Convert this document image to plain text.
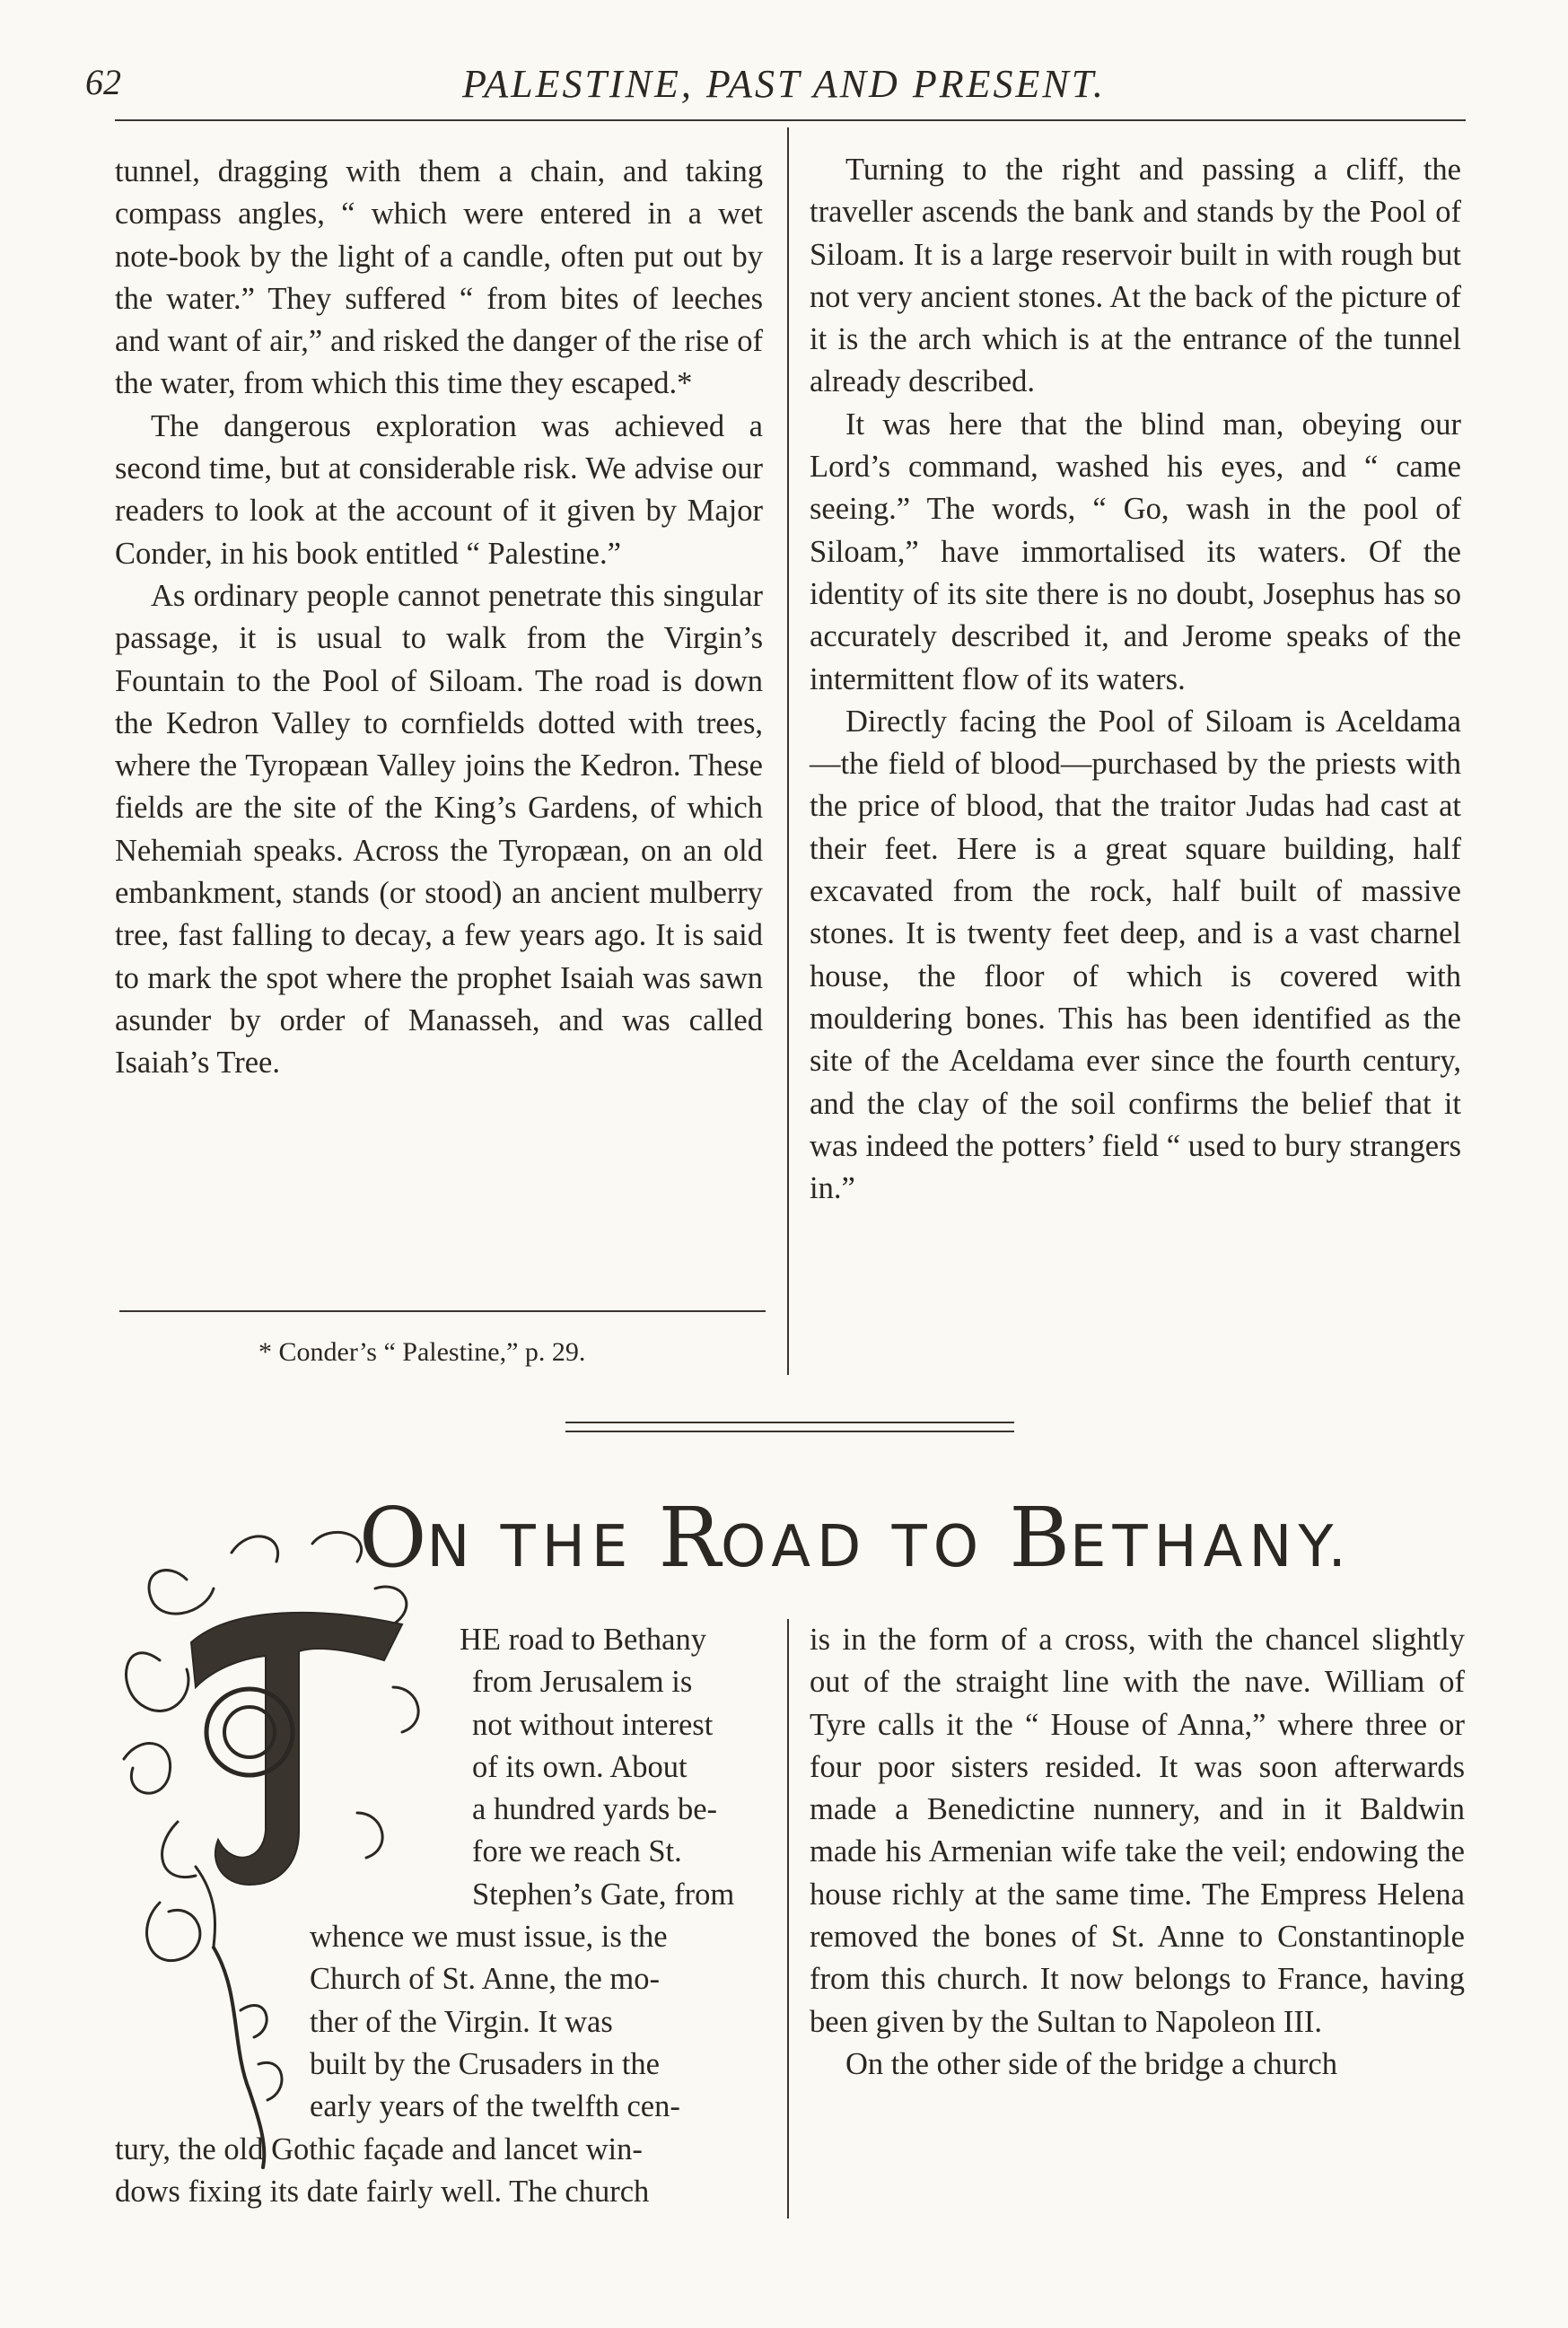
62	PALESTINE, PAST AND PRESENT.

tunnel, dragging with them a chain, and taking compass angles, “ which were entered in a wet note-book by the light of a candle, often put out by the water.” They suffered “ from bites of leeches and want of air,” and risked the danger of the rise of the water, from which this time they escaped.*

The dangerous exploration was achieved a second time, but at considerable risk. We advise our readers to look at the account of it given by Major Conder, in his book entitled “ Palestine.”

As ordinary people cannot penetrate this singular passage, it is usual to walk from the Virgin’s Fountain to the Pool of Siloam. The road is down the Kedron Valley to cornfields dotted with trees, where the Tyropæan Valley joins the Kedron. These fields are the site of the King’s Gardens, of which Nehemiah speaks. Across the Tyropæan, on an old embankment, stands (or stood) an ancient mulberry tree, fast falling to decay, a few years ago. It is said to mark the spot where the prophet Isaiah was sawn asunder by order of Manasseh, and was called Isaiah’s Tree.

Turning to the right and passing a cliff, the traveller ascends the bank and stands by the Pool of Siloam. It is a large reservoir built in with rough but not very ancient stones. At the back of the picture of it is the arch which is at the entrance of the tunnel already described.

It was here that the blind man, obeying our Lord’s command, washed his eyes, and “ came seeing.” The words, “ Go, wash in the pool of Siloam,” have immortalised its waters. Of the identity of its site there is no doubt, Josephus has so accurately described it, and Jerome speaks of the intermittent flow of its waters.

Directly facing the Pool of Siloam is Aceldama—the field of blood—purchased by the priests with the price of blood, that the traitor Judas had cast at their feet. Here is a great square building, half excavated from the rock, half built of massive stones. It is twenty feet deep, and is a vast charnel house, the floor of which is covered with mouldering bones. This has been identified as the site of the Aceldama ever since the fourth century, and the clay of the soil confirms the belief that it was indeed the potters’ field “ used to bury strangers in.”

* Conder’s “ Palestine,” p. 29.
ON THE ROAD TO BETHANY.
T
HE road to Bethany
from Jerusalem is
not without interest
of its own. About
a hundred yards be-
fore we reach St.
Stephen’s Gate, from
whence we must issue, is the
Church of St. Anne, the mo-
ther of the Virgin. It was
built by the Crusaders in the
early years of the twelfth cen-
tury, the old Gothic façade and lancet win-
dows fixing its date fairly well. The church

is in the form of a cross, with the chancel slightly out of the straight line with the nave. William of Tyre calls it the “ House of Anna,” where three or four poor sisters resided. It was soon afterwards made a Benedictine nunnery, and in it Baldwin made his Armenian wife take the veil; endowing the house richly at the same time. The Empress Helena removed the bones of St. Anne to Constantinople from this church. It now belongs to France, having been given by the Sultan to Napoleon III.

On the other side of the bridge a church
